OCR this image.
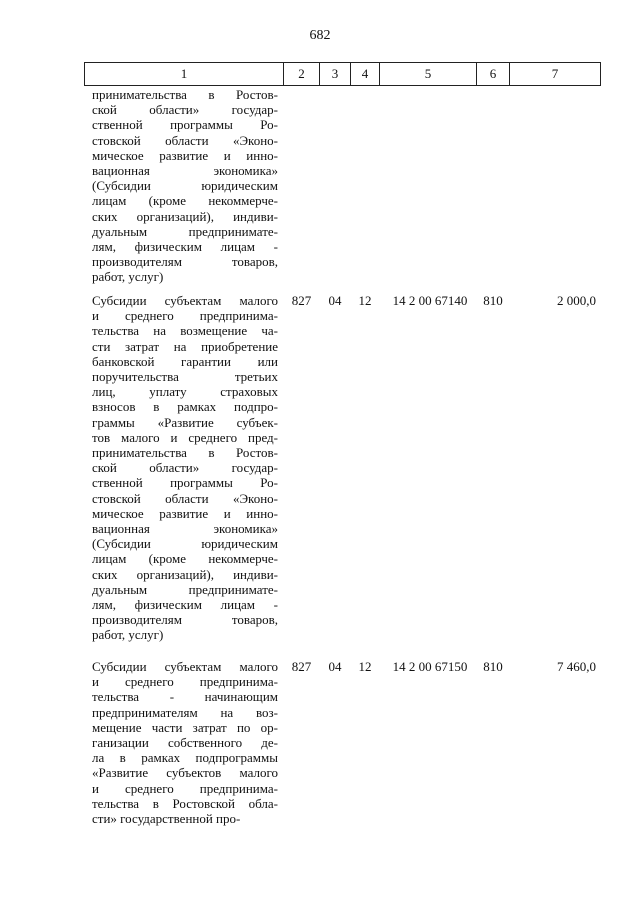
682
1	2	3	4	5	6	7
принимательства в Ростов-
ской области» государ-
ственной программы Ро-
стовской области «Эконо-
мическое развитие и инно-
вационная экономика»
(Субсидии юридическим
лицам (кроме некоммерче-
ских организаций), индиви-
дуальным предпринимате-
лям, физическим лицам -
производителям товаров,
работ, услуг)
Субсидии субъектам малого
и среднего предпринима-
тельства на возмещение ча-
сти затрат на приобретение
банковской гарантии или
поручительства третьих
лиц, уплату страховых
взносов в рамках подпро-
граммы «Развитие субъек-
тов малого и среднего пред-
принимательства в Ростов-
ской области» государ-
ственной программы Ро-
стовской области «Эконо-
мическое развитие и инно-
вационная экономика»
(Субсидии юридическим
лицам (кроме некоммерче-
ских организаций), индиви-
дуальным предпринимате-
лям, физическим лицам -
производителям товаров,
работ, услуг)
827	04	12	14 2 00 67140	810	2 000,0
Субсидии субъектам малого
и среднего предпринима-
тельства - начинающим
предпринимателям на воз-
мещение части затрат по ор-
ганизации собственного де-
ла в рамках подпрограммы
«Развитие субъектов малого
и среднего предпринима-
тельства в Ростовской обла-
сти» государственной про-
827	04	12	14 2 00 67150	810	7 460,0
